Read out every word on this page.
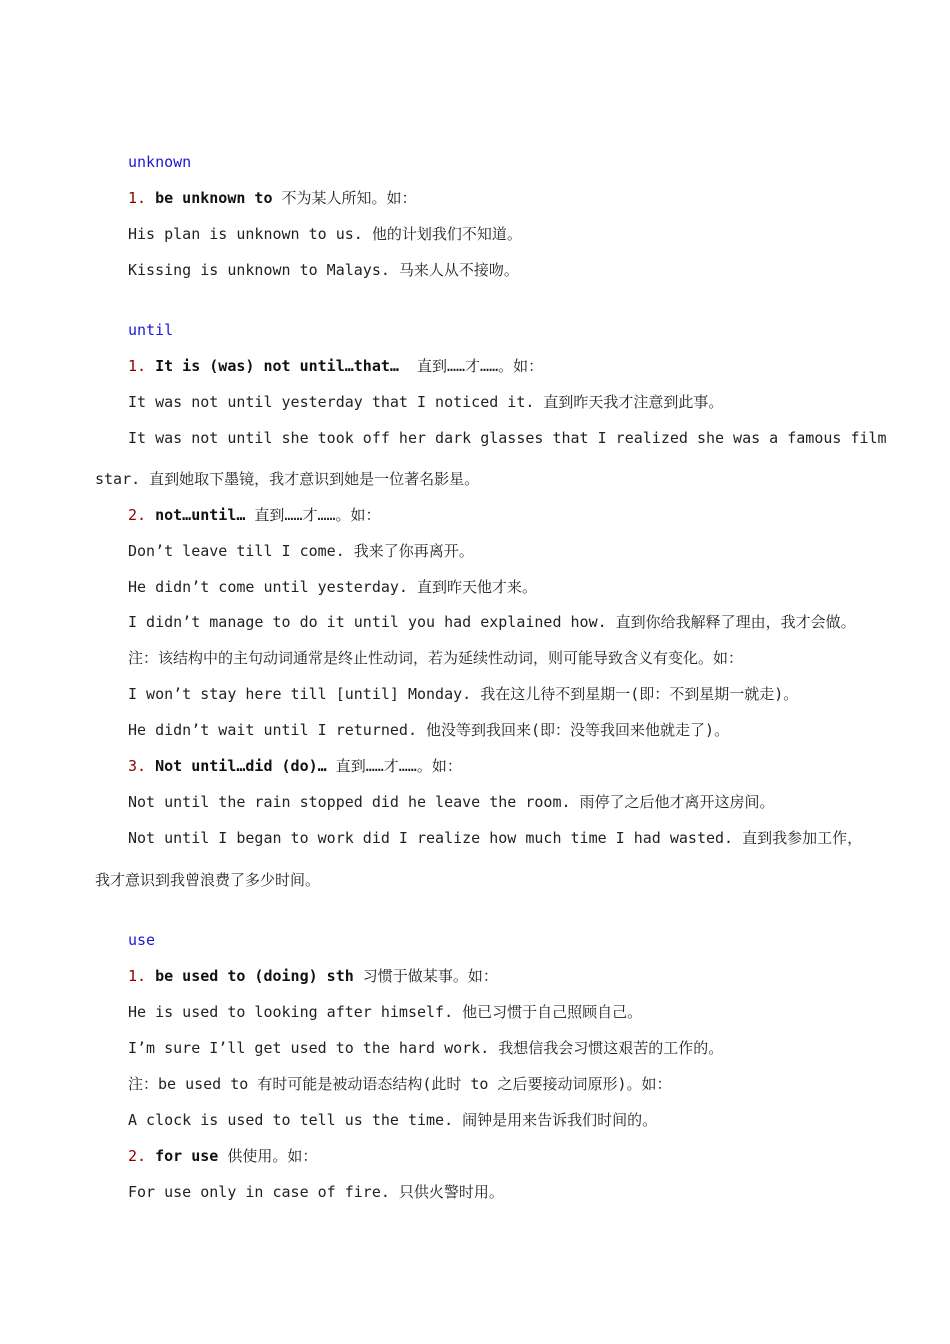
unknown
1. be unknown to 不为某人所知。如：
His plan is unknown to us. 他的计划我们不知道。
Kissing is unknown to Malays. 马来人从不接吻。
until
1. It is (was) not until…that…  直到……才……。如：
It was not until yesterday that I noticed it. 直到昨天我才注意到此事。
It was not until she took off her dark glasses that I realized she was a famous film
star. 直到她取下墨镜，我才意识到她是一位著名影星。
2. not…until… 直到……才……。如：
Don’t leave till I come. 我来了你再离开。
He didn’t come until yesterday. 直到昨天他才来。
I didn’t manage to do it until you had explained how. 直到你给我解释了理由，我才会做。
注：该结构中的主句动词通常是终止性动词，若为延续性动词，则可能导致含义有变化。如：
I won’t stay here till [until] Monday. 我在这儿待不到星期一(即：不到星期一就走)。
He didn’t wait until I returned. 他没等到我回来(即：没等我回来他就走了)。
3. Not until…did (do)… 直到……才……。如：
Not until the rain stopped did he leave the room. 雨停了之后他才离开这房间。
Not until I began to work did I realize how much time I had wasted. 直到我参加工作，
我才意识到我曾浪费了多少时间。
use
1. be used to (doing) sth 习惯于做某事。如：
He is used to looking after himself. 他已习惯于自己照顾自己。
I’m sure I’ll get used to the hard work. 我想信我会习惯这艰苦的工作的。
注：be used to 有时可能是被动语态结构(此时 to 之后要接动词原形)。如：
A clock is used to tell us the time. 闹钟是用来告诉我们时间的。
2. for use 供使用。如：
For use only in case of fire. 只供火警时用。
